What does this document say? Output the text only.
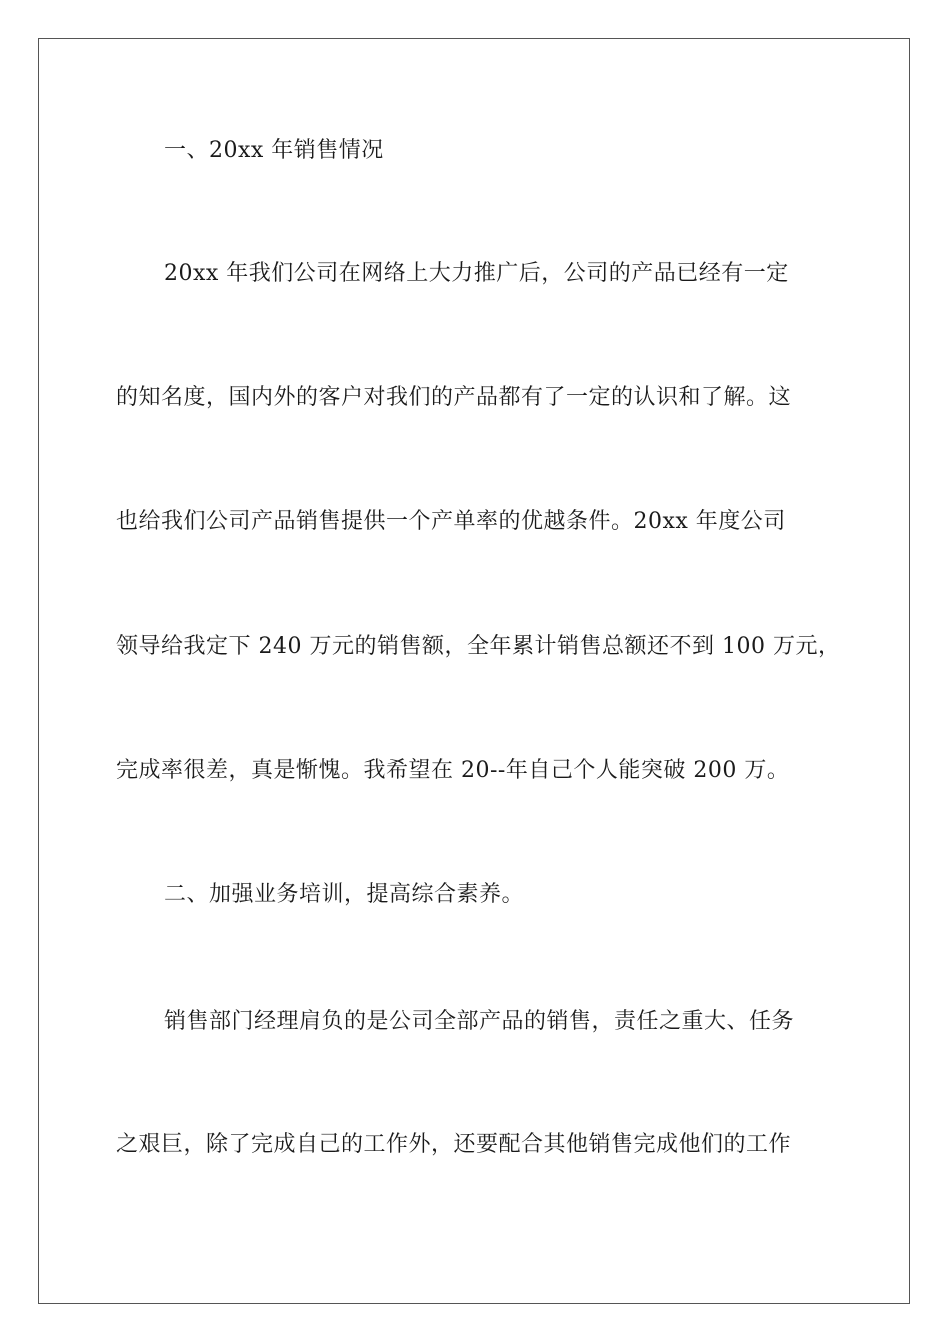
一、20xx 年销售情况
20xx 年我们公司在网络上大力推广后，公司的产品已经有一定
的知名度，国内外的客户对我们的产品都有了一定的认识和了解。这
也给我们公司产品销售提供一个产单率的优越条件。20xx 年度公司
领导给我定下 240 万元的销售额，全年累计销售总额还不到 100 万元，
完成率很差，真是惭愧。我希望在 20--年自己个人能突破 200 万。
二、加强业务培训，提高综合素养。
销售部门经理肩负的是公司全部产品的销售，责任之重大、任务
之艰巨，除了完成自己的工作外，还要配合其他销售完成他们的工作
